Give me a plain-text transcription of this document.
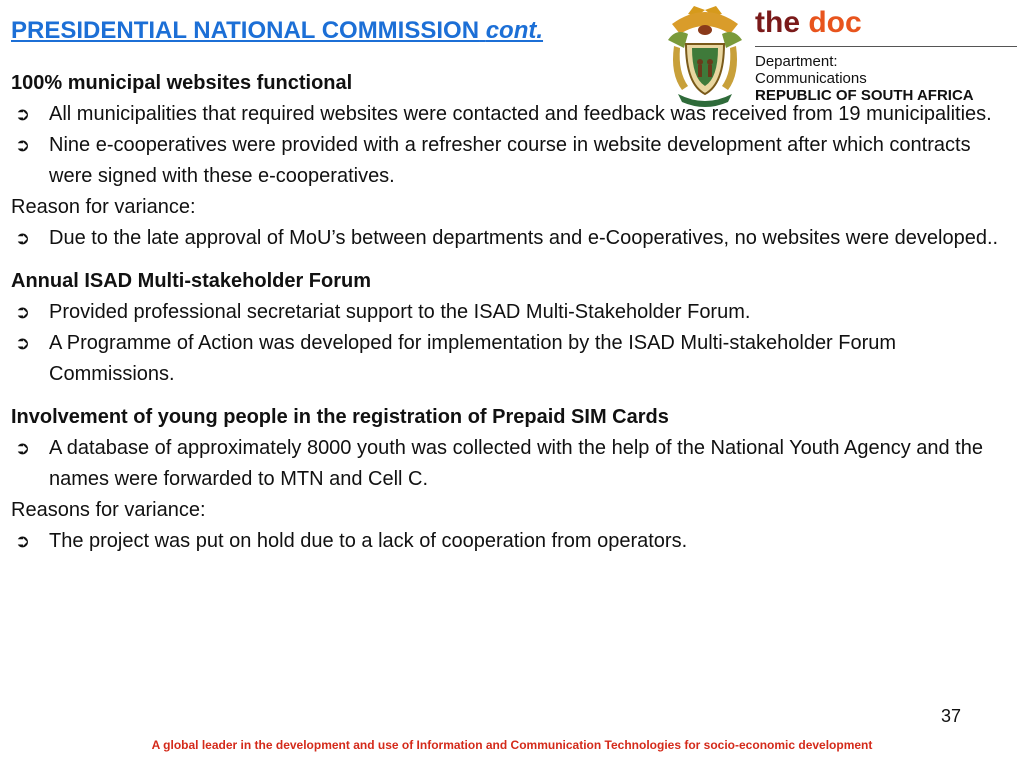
PRESIDENTIAL NATIONAL COMMISSION cont.	the doc
Department:
Communications
REPUBLIC OF SOUTH AFRICA
100% municipal websites functional
➲ All municipalities that required websites were contacted and feedback was received from 19 municipalities.
➲ Nine e-cooperatives were provided with a refresher course in website development after which contracts were signed with these e-cooperatives.
Reason for variance:
➲ Due to the late approval of MoU’s between departments and e-Cooperatives, no websites were developed..
Annual ISAD Multi-stakeholder Forum
➲ Provided professional secretariat support to the ISAD Multi-Stakeholder Forum.
➲ A Programme of Action was developed for implementation by the ISAD Multi-stakeholder Forum Commissions.
Involvement of young people in the registration of Prepaid SIM Cards
➲ A database of approximately 8000 youth was collected with the help of the National Youth Agency and the names were forwarded to MTN and Cell C.
Reasons for variance:
➲ The project was put on hold due to a lack of cooperation from operators.
37
A global leader in the development and use of Information and Communication Technologies for socio-economic development
